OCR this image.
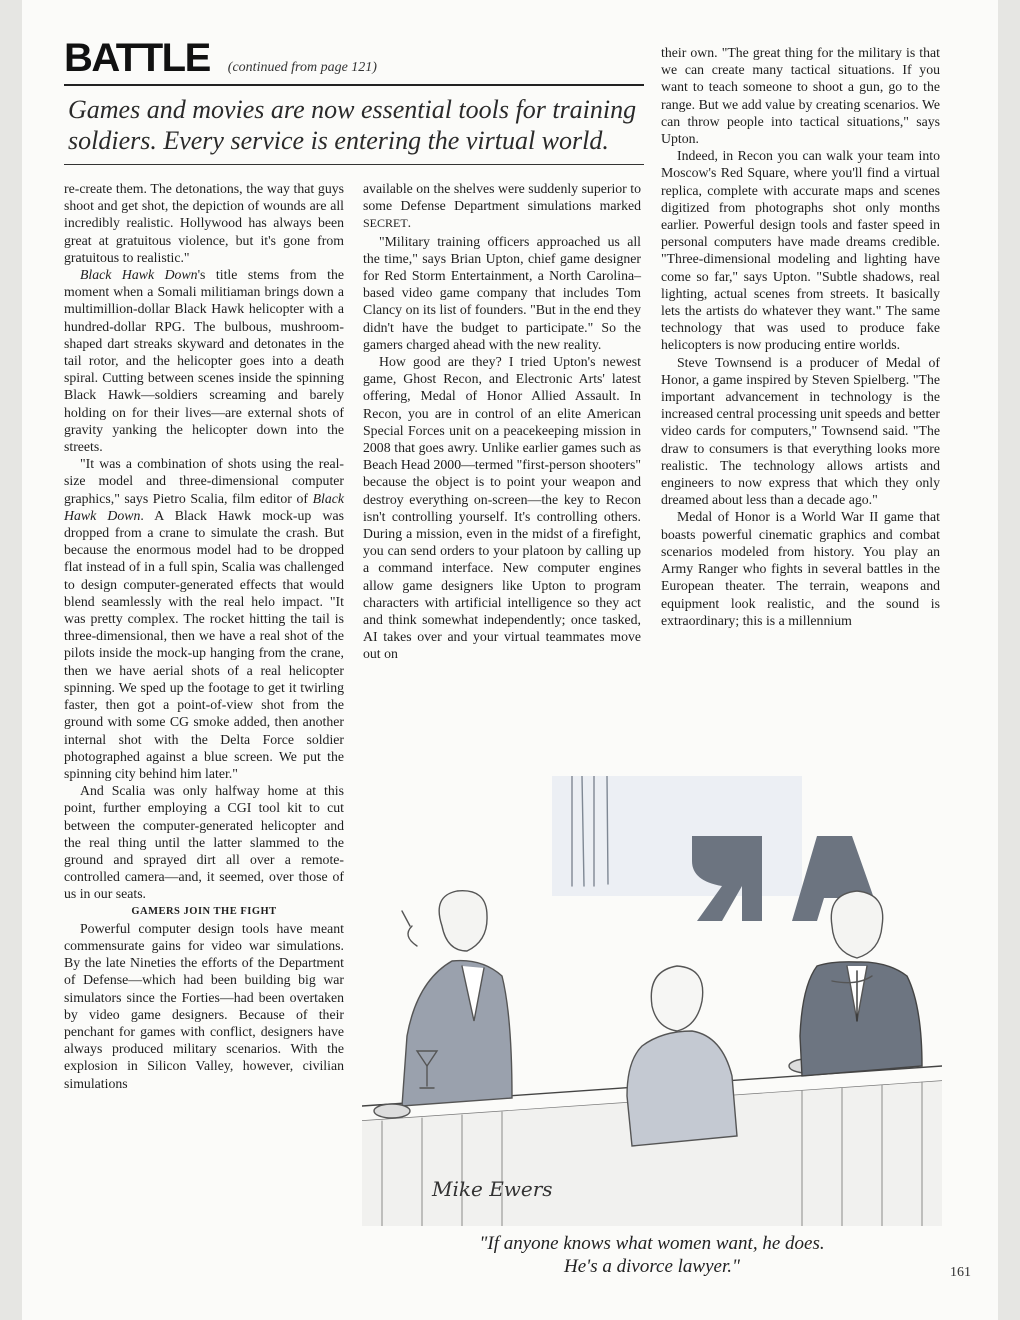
BATTLE (continued from page 121)
Games and movies are now essential tools for training soldiers. Every service is entering the virtual world.

re-create them. The detonations, the way that guys shoot and get shot, the depiction of wounds are all incredibly realistic. Hollywood has always been great at gratuitous violence, but it's gone from gratuitous to realistic."

Black Hawk Down's title stems from the moment when a Somali militiaman brings down a multimillion-dollar Black Hawk helicopter with a hundred-dollar RPG. The bulbous, mushroom-shaped dart streaks skyward and detonates in the tail rotor, and the helicopter goes into a death spiral. Cutting between scenes inside the spinning Black Hawk—soldiers screaming and barely holding on for their lives—are external shots of gravity yanking the helicopter down into the streets.

"It was a combination of shots using the real-size model and three-dimensional computer graphics," says Pietro Scalia, film editor of Black Hawk Down. A Black Hawk mock-up was dropped from a crane to simulate the crash. But because the enormous model had to be dropped flat instead of in a full spin, Scalia was challenged to design computer-generated effects that would blend seamlessly with the real helo impact. "It was pretty complex. The rocket hitting the tail is three-dimensional, then we have a real shot of the pilots inside the mock-up hanging from the crane, then we have aerial shots of a real helicopter spinning. We sped up the footage to get it twirling faster, then got a point-of-view shot from the ground with some CG smoke added, then another internal shot with the Delta Force soldier photographed against a blue screen. We put the spinning city behind him later."

And Scalia was only halfway home at this point, further employing a CGI tool kit to cut between the computer-generated helicopter and the real thing until the latter slammed to the ground and sprayed dirt all over a remote-controlled camera—and, it seemed, over those of us in our seats.

GAMERS JOIN THE FIGHT

Powerful computer design tools have meant commensurate gains for video war simulations. By the late Nineties the efforts of the Department of Defense—which had been building big war simulators since the Forties—had been overtaken by video game designers. Because of their penchant for games with conflict, designers have always produced military scenarios. With the explosion in Silicon Valley, however, civilian simulations

available on the shelves were suddenly superior to some Defense Department simulations marked SECRET.

"Military training officers approached us all the time," says Brian Upton, chief game designer for Red Storm Entertainment, a North Carolina–based video game company that includes Tom Clancy on its list of founders. "But in the end they didn't have the budget to participate." So the gamers charged ahead with the new reality.

How good are they? I tried Upton's newest game, Ghost Recon, and Electronic Arts' latest offering, Medal of Honor Allied Assault. In Recon, you are in control of an elite American Special Forces unit on a peacekeeping mission in 2008 that goes awry. Unlike earlier games such as Beach Head 2000—termed "first-person shooters" because the object is to point your weapon and destroy everything on-screen—the key to Recon isn't controlling yourself. It's controlling others. During a mission, even in the midst of a firefight, you can send orders to your platoon by calling up a command interface. New computer engines allow game designers like Upton to program characters with artificial intelligence so they act and think somewhat independently; once tasked, AI takes over and your virtual teammates move out on

their own. "The great thing for the military is that we can create many tactical situations. If you want to teach someone to shoot a gun, go to the range. But we add value by creating scenarios. We can throw people into tactical situations," says Upton.

Indeed, in Recon you can walk your team into Moscow's Red Square, where you'll find a virtual replica, complete with accurate maps and scenes digitized from photographs shot only months earlier. Powerful design tools and faster speed in personal computers have made dreams credible. "Three-dimensional modeling and lighting have come so far," says Upton. "Subtle shadows, real lighting, actual scenes from streets. It basically lets the artists do whatever they want." The same technology that was used to produce fake helicopters is now producing entire worlds.

Steve Townsend is a producer of Medal of Honor, a game inspired by Steven Spielberg. "The important advancement in technology is the increased central processing unit speeds and better video cards for computers," Townsend said. "The draw to consumers is that everything looks more realistic. The technology allows artists and engineers to now express that which they only dreamed about less than a decade ago."

Medal of Honor is a World War II game that boasts powerful cinematic graphics and combat scenarios modeled from history. You play an Army Ranger who fights in several battles in the European theater. The terrain, weapons and equipment look realistic, and the sound is extraordinary; this is a millennium

Mike Ewers
"If anyone knows what women want, he does.
He's a divorce lawyer."	161
